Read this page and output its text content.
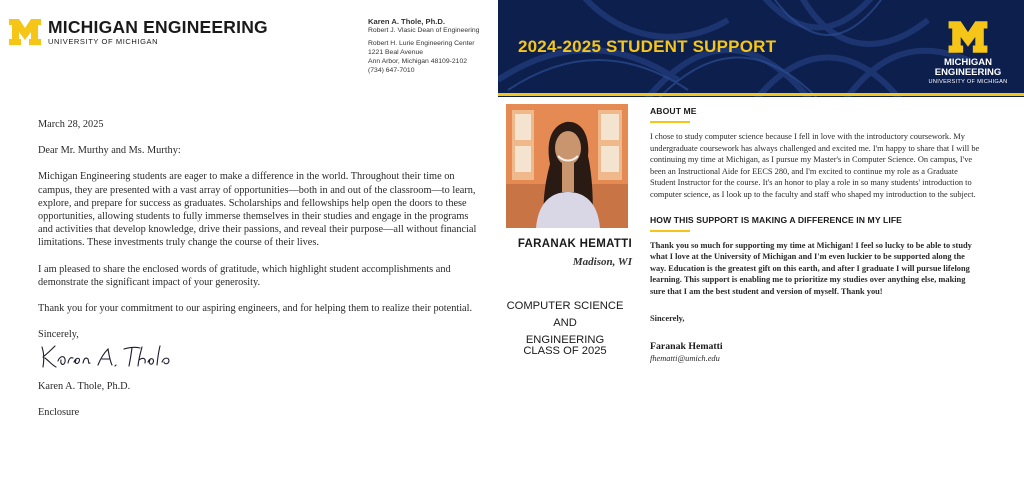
MICHIGAN ENGINEERING
UNIVERSITY OF MICHIGAN
Karen A. Thole, Ph.D.
Robert J. Vlasic Dean of Engineering
Robert H. Lurie Engineering Center
1221 Beal Avenue
Ann Arbor, Michigan 48109-2102
(734) 647-7010

March 28, 2025

Dear Mr. Murthy and Ms. Murthy:

Michigan Engineering students are eager to make a difference in the world. Throughout their time on campus, they are presented with a vast array of opportunities—both in and out of the classroom—to learn, explore, and prepare for success as graduates. Scholarships and fellowships help open the doors to these opportunities, allowing students to fully immerse themselves in their studies and engage in the programs and activities that develop knowledge, drive their passions, and reveal their purpose—all without financial limitations. These investments truly change the course of their lives.

I am pleased to share the enclosed words of gratitude, which highlight student accomplishments and demonstrate the significant impact of your generosity.

Thank you for your commitment to our aspiring engineers, and for helping them to realize their potential.

Sincerely,

Karen A. Thole, Ph.D.

Enclosure

2024-2025 STUDENT SUPPORT
MICHIGAN
ENGINEERING
UNIVERSITY OF MICHIGAN
FARANAK HEMATTI
Madison, WI
COMPUTER SCIENCE AND
ENGINEERING
CLASS OF 2025
ABOUT ME
I chose to study computer science because I fell in love with the introductory coursework. My undergraduate coursework has always challenged and excited me. I'm happy to share that I will be continuing my time at Michigan, as I pursue my Master's in Computer Science. On campus, I've been an Instructional Aide for EECS 280, and I'm excited to continue my role as a Graduate Student Instructor for the course. It's an honor to play a role in so many students' introduction to computer science, as I look up to the faculty and staff who shaped my introduction to the subject.
HOW THIS SUPPORT IS MAKING A DIFFERENCE IN MY LIFE
Thank you so much for supporting my time at Michigan! I feel so lucky to be able to study what I love at the University of Michigan and I'm even luckier to be supported along the way. Education is the greatest gift on this earth, and after I graduate I will pursue lifelong learning. This support is enabling me to prioritize my studies over anything else, making sure that I am the best student and version of myself. Thank you!
Sincerely,
Faranak Hematti
fhematti@umich.edu
